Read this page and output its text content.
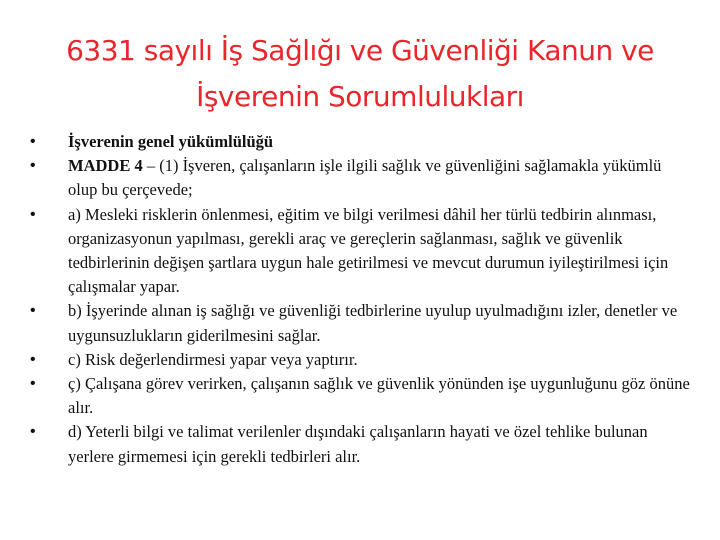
6331 sayılı İş Sağlığı ve Güvenliği Kanun ve
İşverenin Sorumlulukları
•	İşverenin genel yükümlülüğü
•	MADDE 4 – (1) İşveren, çalışanların işle ilgili sağlık ve güvenliğini sağlamakla yükümlü olup bu çerçevede;
•	a) Mesleki risklerin önlenmesi, eğitim ve bilgi verilmesi dâhil her türlü tedbirin alınması, organizasyonun yapılması, gerekli araç ve gereçlerin sağlanması, sağlık ve güvenlik tedbirlerinin değişen şartlara uygun hale getirilmesi ve mevcut durumun iyileştirilmesi için çalışmalar yapar.
•	b) İşyerinde alınan iş sağlığı ve güvenliği tedbirlerine uyulup uyulmadığını izler, denetler ve uygunsuzlukların giderilmesini sağlar.
•	c) Risk değerlendirmesi yapar veya yaptırır.
•	ç) Çalışana görev verirken, çalışanın sağlık ve güvenlik yönünden işe uygunluğunu göz önüne alır.
•	d) Yeterli bilgi ve talimat verilenler dışındaki çalışanların hayati ve özel tehlike bulunan yerlere girmemesi için gerekli tedbirleri alır.
